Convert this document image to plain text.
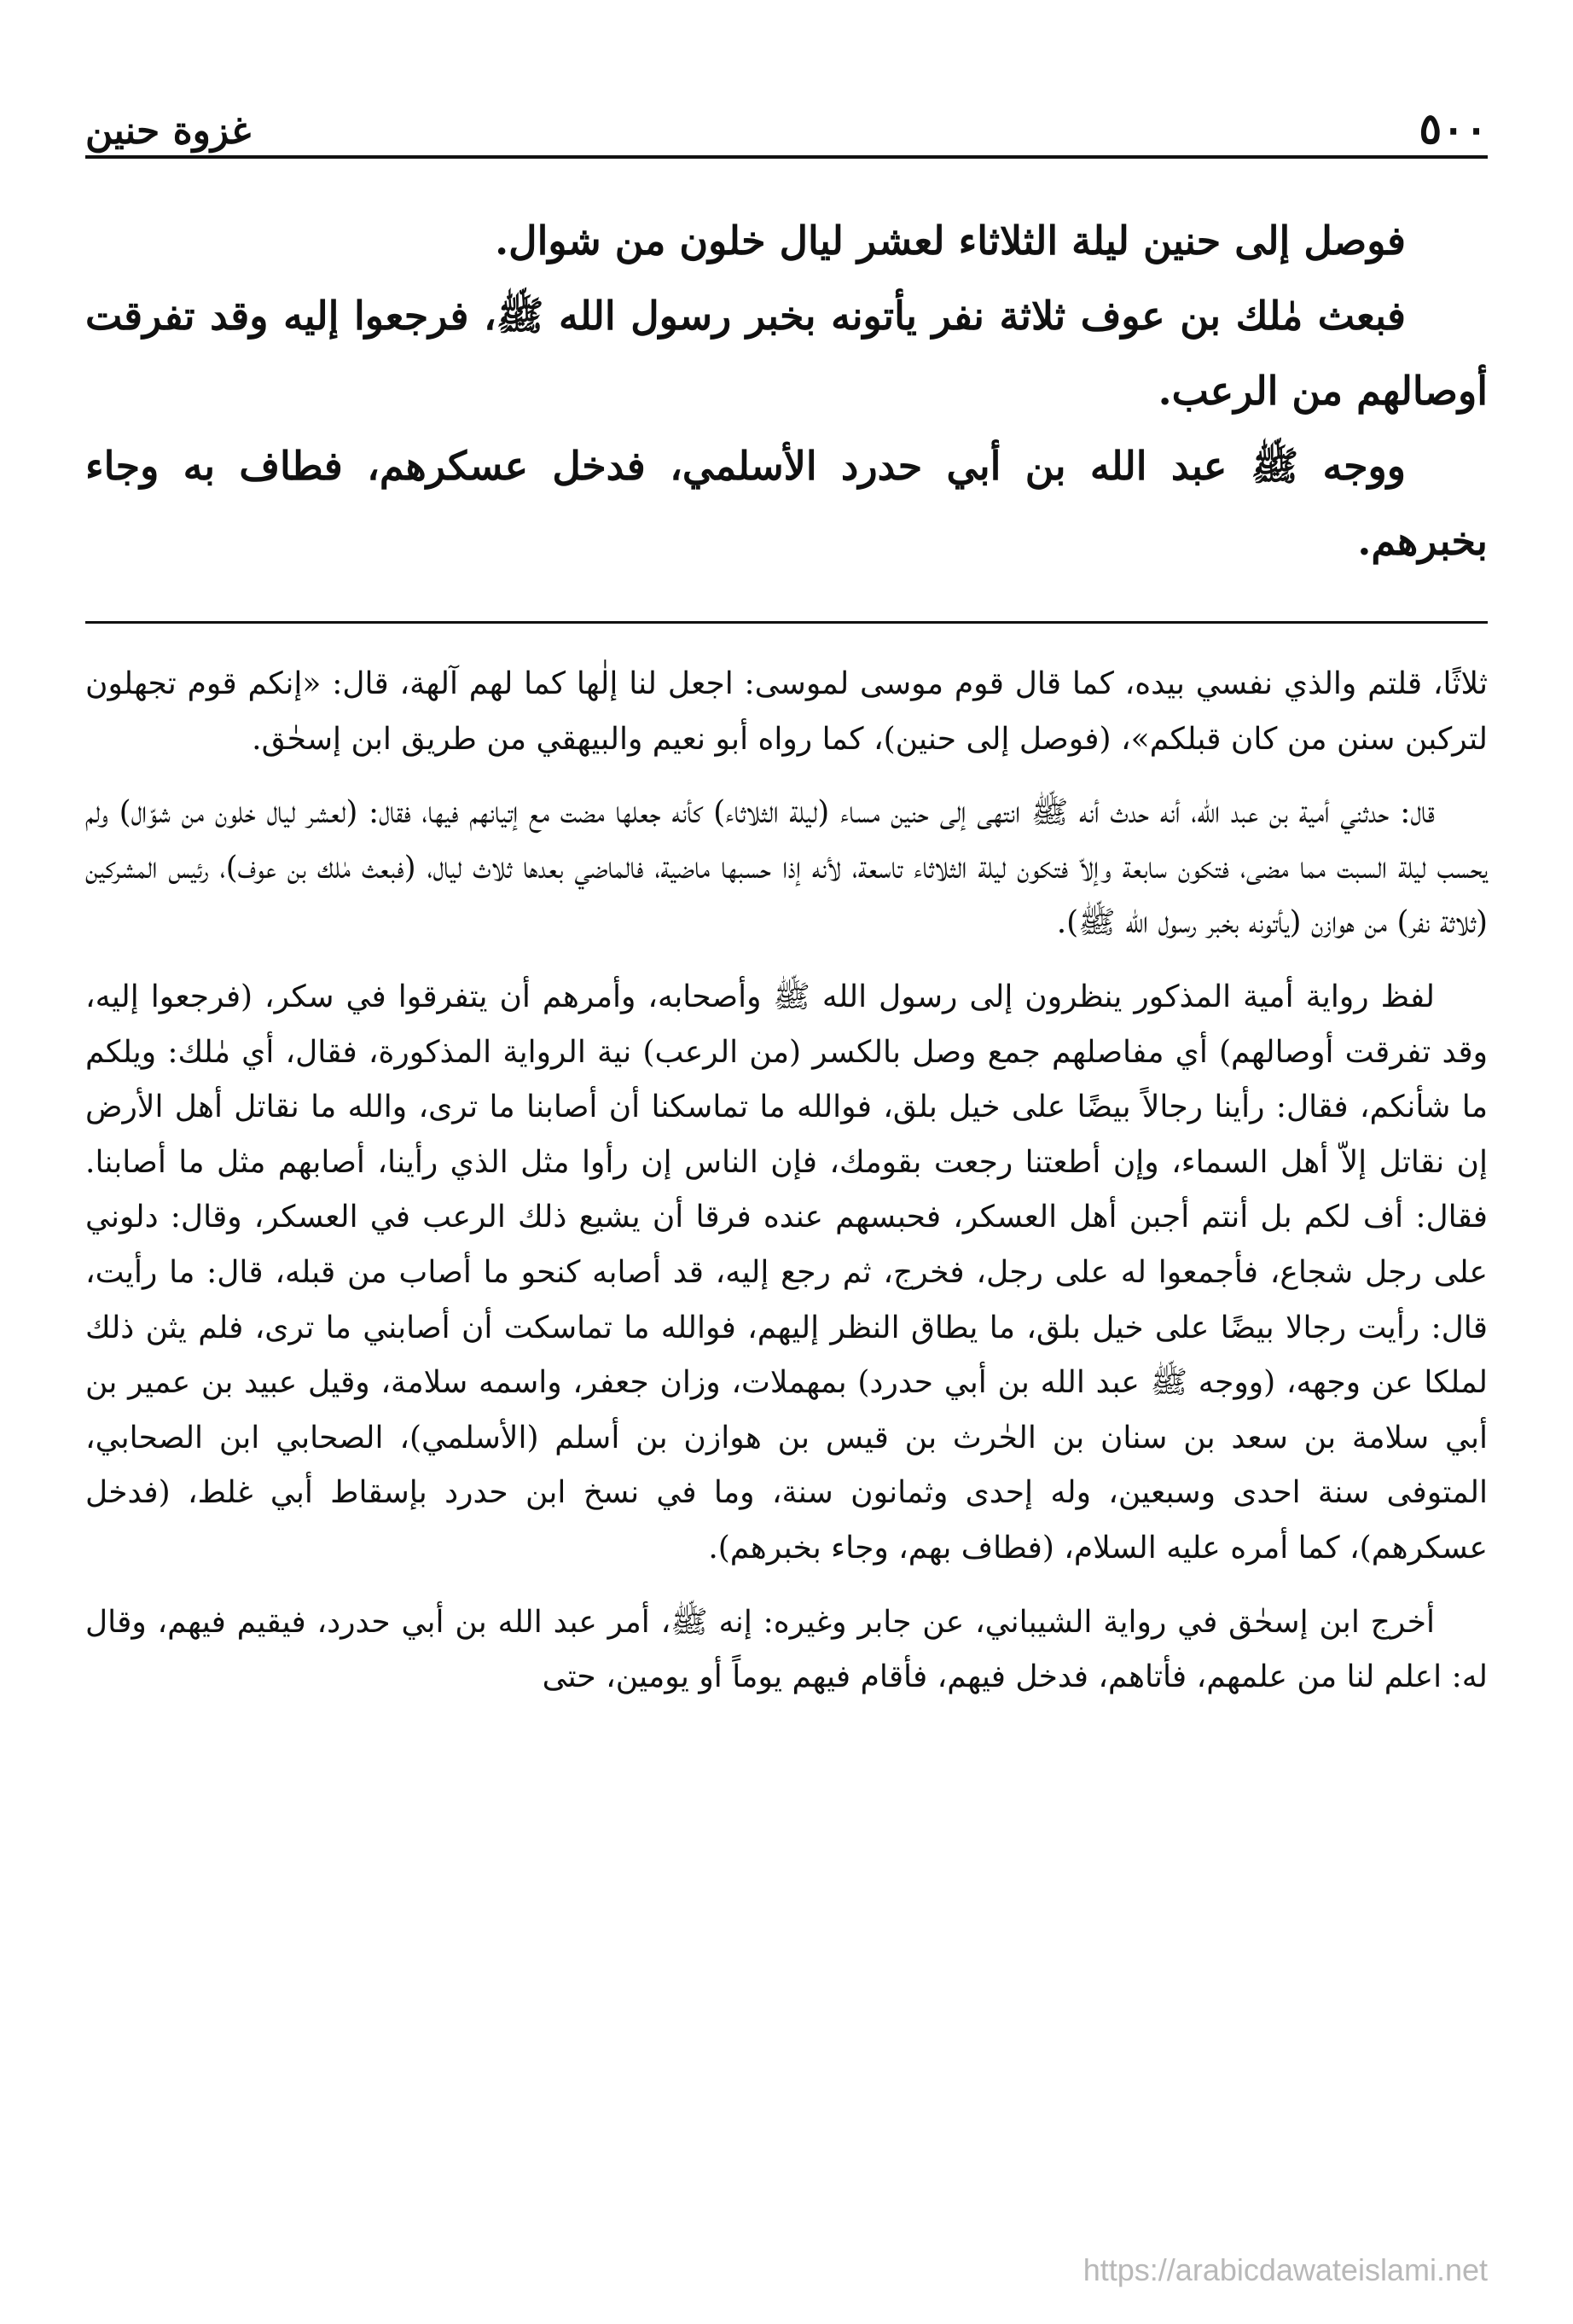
٥٠٠
غزوة حنين

فوصل إلى حنين ليلة الثلاثاء لعشر ليال خلون من شوال.

فبعث مٰلك بن عوف ثلاثة نفر يأتونه بخبر رسول الله ﷺ، فرجعوا إليه وقد تفرقت أوصالهم من الرعب.

ووجه ﷺ عبد الله بن أبي حدرد الأسلمي، فدخل عسكرهم، فطاف به وجاء بخبرهم.

ثلاثًا، قلتم والذي نفسي بيده، كما قال قوم موسى لموسى: اجعل لنا إلٰها كما لهم آلهة، قال: «إنكم قوم تجهلون لتركبن سنن من كان قبلكم»، (فوصل إلى حنين)، كما رواه أبو نعيم والبيهقي من طريق ابن إسحٰق.

قال: حدثني أمية بن عبد الله، أنه حدث أنه ﷺ انتهى إلى حنين مساء (ليلة الثلاثاء) كأنه جعلها مضت مع إتيانهم فيها، فقال: (لعشر ليال خلون من شوّال) ولم يحسب ليلة السبت مما مضى، فتكون سابعة وإلاّ فتكون ليلة الثلاثاء تاسعة، لأنه إذا حسبها ماضية، فالماضي بعدها ثلاث ليال، (فبعث مٰلك بن عوف)، رئيس المشركين (ثلاثة نفر) من هوازن (يأتونه بخبر رسول الله ﷺ).

لفظ رواية أمية المذكور ينظرون إلى رسول الله ﷺ وأصحابه، وأمرهم أن يتفرقوا في سكر، (فرجعوا إليه، وقد تفرقت أوصالهم) أي مفاصلهم جمع وصل بالكسر (من الرعب) نية الرواية المذكورة، فقال، أي مٰلك: ويلكم ما شأنكم، فقال: رأينا رجالاً بيضًا على خيل بلق، فوالله ما تماسكنا أن أصابنا ما ترى، والله ما نقاتل أهل الأرض إن نقاتل إلاّ أهل السماء، وإن أطعتنا رجعت بقومك، فإن الناس إن رأوا مثل الذي رأينا، أصابهم مثل ما أصابنا. فقال: أف لكم بل أنتم أجبن أهل العسكر، فحبسهم عنده فرقا أن يشيع ذلك الرعب في العسكر، وقال: دلوني على رجل شجاع، فأجمعوا له على رجل، فخرج، ثم رجع إليه، قد أصابه كنحو ما أصاب من قبله، قال: ما رأيت، قال: رأيت رجالا بيضًا على خيل بلق، ما يطاق النظر إليهم، فوالله ما تماسكت أن أصابني ما ترى، فلم يثن ذلك لملكا عن وجهه، (ووجه ﷺ عبد الله بن أبي حدرد) بمهملات، وزان جعفر، واسمه سلامة، وقيل عبيد بن عمير بن أبي سلامة بن سعد بن سنان بن الحٰرث بن قيس بن هوازن بن أسلم (الأسلمي)، الصحابي ابن الصحابي، المتوفى سنة احدى وسبعين، وله إحدى وثمانون سنة، وما في نسخ ابن حدرد بإسقاط أبي غلط، (فدخل عسكرهم)، كما أمره عليه السلام، (فطاف بهم، وجاء بخبرهم).

أخرج ابن إسحٰق في رواية الشيباني، عن جابر وغيره: إنه ﷺ، أمر عبد الله بن أبي حدرد، فيقيم فيهم، وقال له: اعلم لنا من علمهم، فأتاهم، فدخل فيهم، فأقام فيهم يوماً أو يومين، حتى

https://arabicdawateislami.net
